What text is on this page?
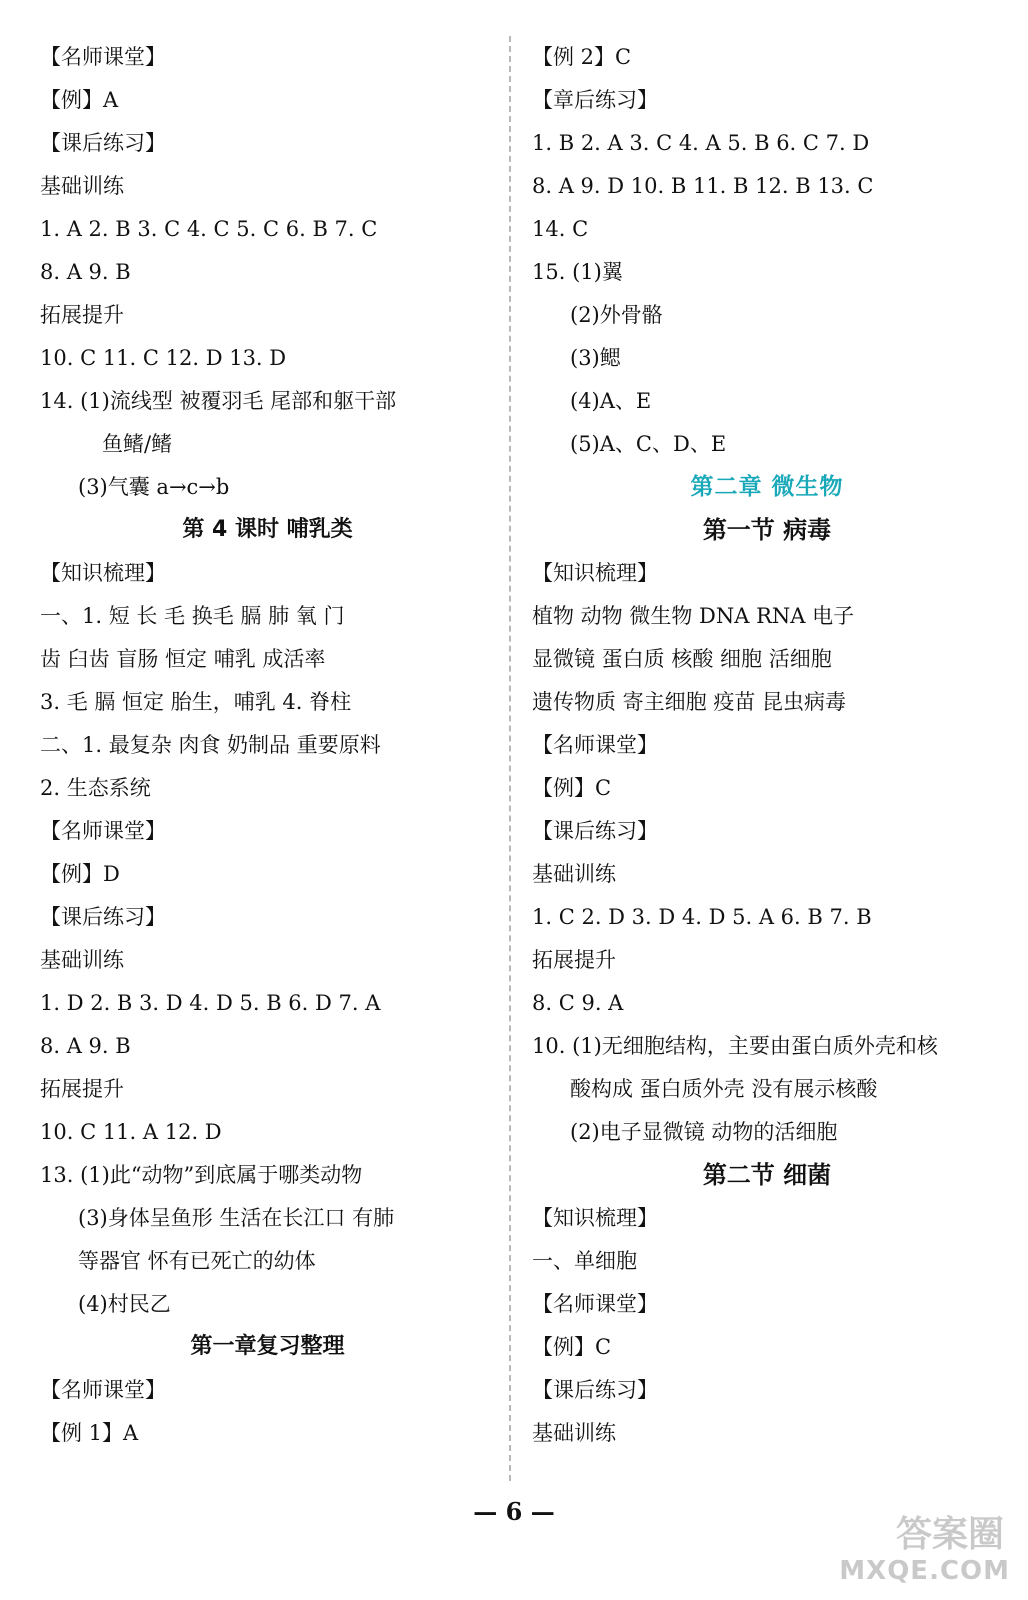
【名师课堂】
【例】A
【课后练习】
基础训练
1. A 2. B 3. C 4. C 5. C 6. B 7. C
8. A 9. B
拓展提升
10. C 11. C 12. D 13. D
14. (1)流线型 被覆羽毛 尾部和躯干部
鱼鳍/鳍
(3)气囊 a→c→b
第 4 课时 哺乳类
【知识梳理】
一、1. 短 长 毛 换毛 膈 肺 氧 门
齿 臼齿 盲肠 恒定 哺乳 成活率
3. 毛 膈 恒定 胎生，哺乳 4. 脊柱
二、1. 最复杂 肉食 奶制品 重要原料
2. 生态系统
【名师课堂】
【例】D
【课后练习】
基础训练
1. D 2. B 3. D 4. D 5. B 6. D 7. A
8. A 9. B
拓展提升
10. C 11. A 12. D
13. (1)此“动物”到底属于哪类动物
(3)身体呈鱼形 生活在长江口 有肺
等器官 怀有已死亡的幼体
(4)村民乙
第一章复习整理
【名师课堂】
【例 1】A
【例 2】C
【章后练习】
1. B 2. A 3. C 4. A 5. B 6. C 7. D
8. A 9. D 10. B 11. B 12. B 13. C
14. C
15. (1)翼
(2)外骨骼
(3)鳃
(4)A、E
(5)A、C、D、E
第二章 微生物
第一节 病毒
【知识梳理】
植物 动物 微生物 DNA RNA 电子
显微镜 蛋白质 核酸 细胞 活细胞
遗传物质 寄主细胞 疫苗 昆虫病毒
【名师课堂】
【例】C
【课后练习】
基础训练
1. C 2. D 3. D 4. D 5. A 6. B 7. B
拓展提升
8. C 9. A
10. (1)无细胞结构，主要由蛋白质外壳和核
酸构成 蛋白质外壳 没有展示核酸
(2)电子显微镜 动物的活细胞
第二节 细菌
【知识梳理】
一、单细胞
【名师课堂】
【例】C
【课后练习】
基础训练
— 6 —
答案圈
MXQE.COM
